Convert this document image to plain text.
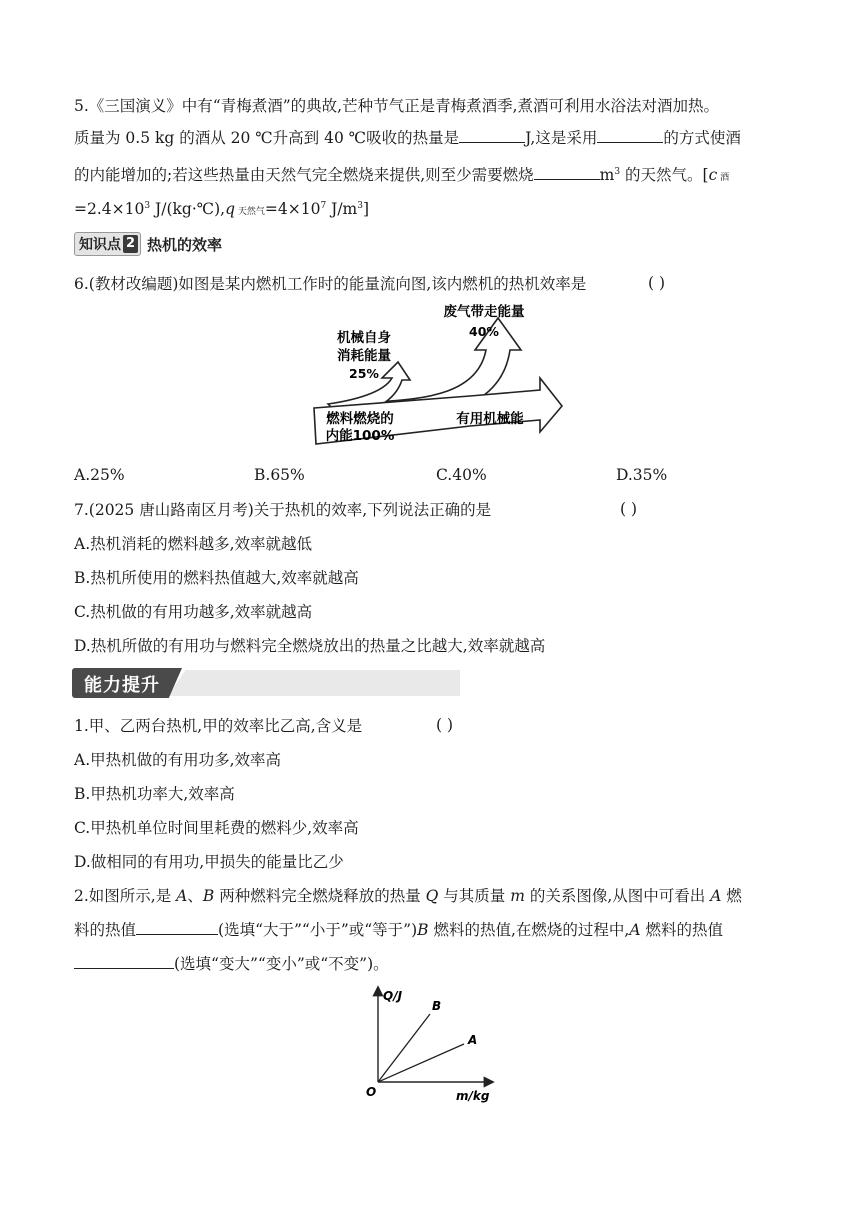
5.《三国演义》中有“青梅煮酒”的典故,芒种节气正是青梅煮酒季,煮酒可利用水浴法对酒加热。
质量为 0.5 kg 的酒从 20 ℃升高到 40 ℃吸收的热量是	J,这是采用	的方式使酒
的内能增加的;若这些热量由天然气完全燃烧来提供,则至少需要燃烧	$m^3$ 的天然气。[c 酒
$=2.4\times 10^3$ J/(kg·℃),q 天然气$=4\times 10^7$ $J/m^3$]
知识点 2 热机的效率
6.(教材改编题)如图是某内燃机工作时的能量流向图,该内燃机的热机效率是	( )
废气带走能量
40%
机械自身
消耗能量
25%
燃料燃烧的
内能100%
有用机械能
A.25%	B.65%	C.40%	D.35%
7.(2025 唐山路南区月考)关于热机的效率,下列说法正确的是	( )
A.热机消耗的燃料越多,效率就越低
B.热机所使用的燃料热值越大,效率就越高
C.热机做的有用功越多,效率就越高
D.热机所做的有用功与燃料完全燃烧放出的热量之比越大,效率就越高
能力提升
1.甲、乙两台热机,甲的效率比乙高,含义是	( )
A.甲热机做的有用功多,效率高
B.甲热机功率大,效率高
C.甲热机单位时间里耗费的燃料少,效率高
D.做相同的有用功,甲损失的能量比乙少
2.如图所示,是 A、B 两种燃料完全燃烧释放的热量 Q 与其质量 m 的关系图像,从图中可看出 A 燃
料的热值	(选填“大于”“小于”或“等于”)B 燃料的热值,在燃烧的过程中,A 燃料的热值
(选填“变大”“变小”或“不变”)。
Q/J
m/kg
O
B
A
